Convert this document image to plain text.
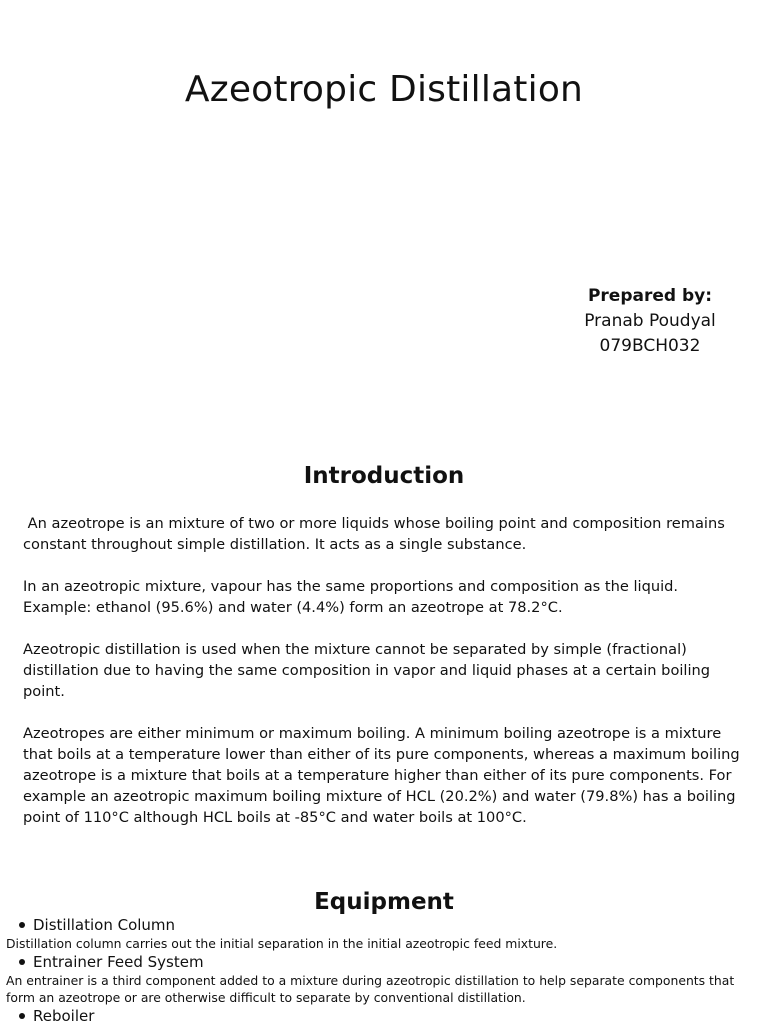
Azeotropic Distillation
Prepared by:
Pranab Poudyal
079BCH032
Introduction

An azeotrope is an mixture of two or more liquids whose boiling point and composition remains constant throughout simple distillation. It acts as a single substance.

In an azeotropic mixture, vapour has the same proportions and composition as the liquid. Example: ethanol (95.6%) and water (4.4%) form an azeotrope at 78.2°C.

Azeotropic distillation is used when the mixture cannot be separated by simple (fractional) distillation due to having the same composition in vapor and liquid phases at a certain boiling point.

Azeotropes are either minimum or maximum boiling. A minimum boiling azeotrope is a mixture that boils at a temperature lower than either of its pure components, whereas a maximum boiling azeotrope is a mixture that boils at a temperature higher than either of its pure components. For example an azeotropic maximum boiling mixture of HCL (20.2%) and water (79.8%) has a boiling point of 110°C although HCL boils at -85°C and water boils at 100°C.

Equipment
Distillation Column
Distillation column carries out the initial separation in the initial azeotropic feed mixture.
Entrainer Feed System
An entrainer is a third component added to a mixture during azeotropic distillation to help separate components that form an azeotrope or are otherwise difficult to separate by conventional distillation.
Reboiler
